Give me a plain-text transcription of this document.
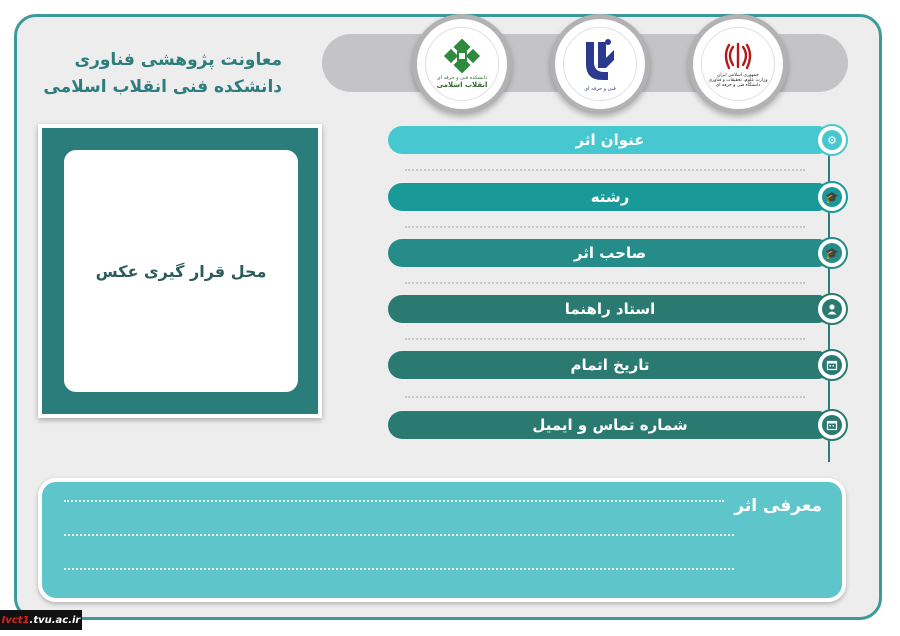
معاونت پژوهشی فناوری
دانشکده فنی انقلاب اسلامی	دانشکده فنی و حرفه ای
انقلاب اسلامی	فنی و حرفه ای
جمهوری اسلامی ایران
وزارت علوم، تحقیقات و فناوری
دانشگاه فنی و حرفه ای
محل قرار گیری عکس
عنوان اثر	⚙
رشته	🎓
صاحب اثر	🎓
استاد راهنما
تاریخ اتمام
شماره تماس و ایمیل
معرفی اثر
Ivct1 .tvu.ac.ir
